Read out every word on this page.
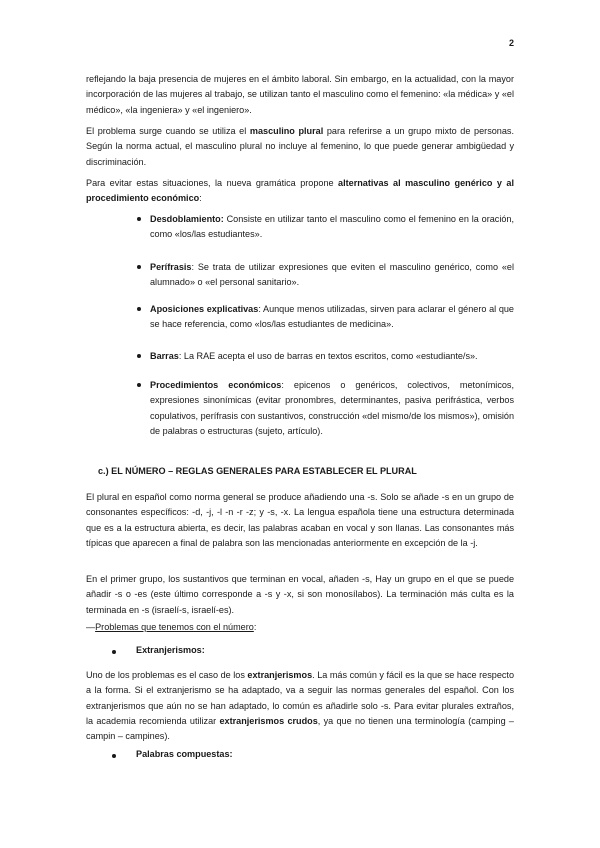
2

reflejando la baja presencia de mujeres en el ámbito laboral. Sin embargo, en la actualidad, con la mayor incorporación de las mujeres al trabajo, se utilizan tanto el masculino como el femenino: «la médica» y «el médico», «la ingeniera» y «el ingeniero».

El problema surge cuando se utiliza el masculino plural para referirse a un grupo mixto de personas. Según la norma actual, el masculino plural no incluye al femenino, lo que puede generar ambigüedad y discriminación.

Para evitar estas situaciones, la nueva gramática propone alternativas al masculino genérico y al procedimiento económico:

Desdoblamiento: Consiste en utilizar tanto el masculino como el femenino en la oración, como «los/las estudiantes».
Perífrasis: Se trata de utilizar expresiones que eviten el masculino genérico, como «el alumnado» o «el personal sanitario».
Aposiciones explicativas: Aunque menos utilizadas, sirven para aclarar el género al que se hace referencia, como «los/las estudiantes de medicina».
Barras: La RAE acepta el uso de barras en textos escritos, como «estudiante/s».
Procedimientos económicos: epicenos o genéricos, colectivos, metonímicos, expresiones sinonímicas (evitar pronombres, determinantes, pasiva perifrástica, verbos copulativos, perífrasis con sustantivos, construcción «del mismo/de los mismos»), omisión de palabras o estructuras (sujeto, artículo).
c.) EL NÚMERO – REGLAS GENERALES PARA ESTABLECER EL PLURAL

El plural en español como norma general se produce añadiendo una -s. Solo se añade -s en un grupo de consonantes específicos: -d, -j, -l -n -r -z; y -s, -x. La lengua española tiene una estructura determinada que es a la estructura abierta, es decir, las palabras acaban en vocal y son llanas. Las consonantes más típicas que aparecen a final de palabra son las mencionadas anteriormente en excepción de la -j.

En el primer grupo, los sustantivos que terminan en vocal, añaden -s, Hay un grupo en el que se puede añadir -s o -es (este último corresponde a -s y -x, si son monosílabos). La terminación más culta es la terminada en -s (israelí-s, israelí-es).

—Problemas que tenemos con el número:

Extranjerismos:

Uno de los problemas es el caso de los extranjerismos. La más común y fácil es la que se hace respecto a la forma. Si el extranjerismo se ha adaptado, va a seguir las normas generales del español. Con los extranjerismos que aún no se han adaptado, lo común es añadirle solo -s. Para evitar plurales extraños, la academia recomienda utilizar extranjerismos crudos, ya que no tienen una terminología (camping – campin – campines).

Palabras compuestas:
